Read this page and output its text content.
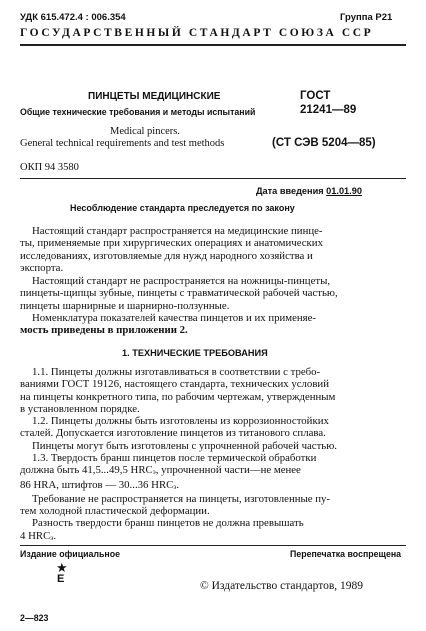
УДК 615.472.4 : 006.354	Группа Р21
ГОСУДАРСТВЕННЫЙ СТАНДАРТ СОЮЗА ССР
ПИНЦЕТЫ МЕДИЦИНСКИЕ
Общие технические требования и методы испытаний
Medical pincers.
General technical requirements and test methods
ГОСТ
21241—89
(СТ СЭВ 5204—85)
ОКП 94 3580
Дата введения 01.01.90
Несоблюдение стандарта преследуется по закону
Настоящий стандарт распространяется на медицинские пинце-
ты, применяемые при хирургических операциях и анатомических
исследованиях, изготовляемые для нужд народного хозяйства и
экспорта.
Настоящий стандарт не распространяется на ножницы-пинцеты,
пинцеты-щипцы зубные, пинцеты с травматической рабочей частью,
пинцеты шарнирные и шарнирно-ползунные.
Номенклатура показателей качества пинцетов и их применяе-
мость приведены в приложении 2.
1. ТЕХНИЧЕСКИЕ ТРЕБОВАНИЯ
1.1. Пинцеты должны изготавливаться в соответствии с требо-
ваниями ГОСТ 19126, настоящего стандарта, технических условий
на пинцеты конкретного типа, по рабочим чертежам, утвержденным
в установленном порядке.
1.2. Пинцеты должны быть изготовлены из коррозионностойких
сталей. Допускается изготовление пинцетов из титанового сплава.
Пинцеты могут быть изготовлены с упрочненной рабочей частью.
1.3. Твердость бранш пинцетов после термической обработки
должна быть 41,5...49,5 $HRC_э$, упрочненной части—не менее
86 HRA, штифтов — 30...36 $HRC_э$.
Требование не распространяется на пинцеты, изготовленные пу-
тем холодной пластической деформации.
Разность твердости бранш пинцетов не должна превышать
4 $HRC_э$.
Издание официальное	Перепечатка воспрещена
★
E
© Издательство стандартов, 1989
2—823
